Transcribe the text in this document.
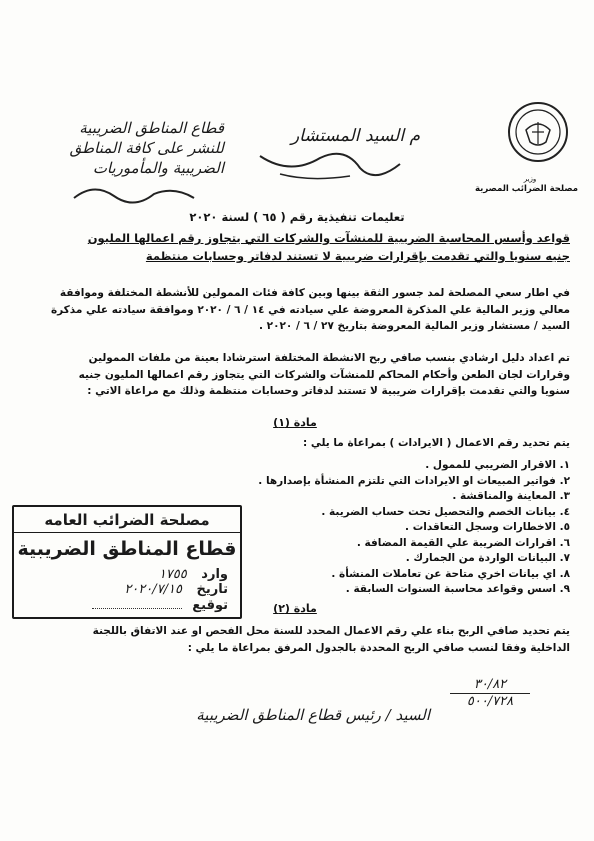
وزير
مصلحة الضرائب المصرية
قطاع المناطق الضريبية
للنشر على كافة المناطق
الضريبية والمأموريات
م السيد المستشار
تعليمات تنفيذية رقم ( ٦٥ ) لسنة ٢٠٢٠
قواعد وأسس المحاسبة الضريبية للمنشآت والشركات التي يتجاوز رقم اعمالها المليون جنيه سنويا والتي تقدمت بإقرارات ضريبية لا تستند لدفاتر وحسابات منتظمة
في اطار سعي المصلحة لمد جسور الثقة بينها وبين كافة فئات الممولين للأنشطة المختلفة وموافقة معالي وزير المالية علي المذكرة المعروضة علي سيادته في ١٤ / ٦ / ٢٠٢٠ وموافقة سيادته علي مذكرة السيد / مستشار وزير المالية المعروضة بتاريخ ٢٧ / ٦ / ٢٠٢٠ .
تم اعداد دليل ارشادي بنسب صافي ربح الانشطة المختلفة استرشادا بعينة من ملفات الممولين وقرارات لجان الطعن وأحكام المحاكم للمنشآت والشركات التي يتجاوز رقم اعمالها المليون جنيه سنويا والتي تقدمت بإقرارات ضريبية لا تستند لدفاتر وحسابات منتظمة وذلك مع مراعاة الاتي :
مادة (١)
يتم تحديد رقم الاعمال ( الايرادات ) بمراعاة ما يلي :
١. الاقرار الضريبي للممول .
٢. فواتير المبيعات او الايرادات التي تلتزم المنشأة بإصدارها .
٣. المعاينة والمناقشة .
٤. بيانات الخصم والتحصيل تحت حساب الضريبة .
٥. الاخطارات وسجل التعاقدات .
٦. اقرارات الضريبة علي القيمة المضافة .
٧. البيانات الواردة من الجمارك .
٨. اي بيانات اخري متاحة عن تعاملات المنشأة .
٩. اسس وقواعد محاسبة السنوات السابقة .
مصلحة الضرائب العامه
قطاع المناطق الضريبية
وارد ١٧٥٥
تاريخ ٢٠٢٠/٧/١٥
توقيع	مادة (٢)
يتم تحديد صافي الربح بناء علي رقم الاعمال المحدد للسنة محل الفحص او عند الاتفاق باللجنة الداخلية وفقا لنسب صافي الربح المحددة بالجدول المرفق بمراعاة ما يلي :
٣٠/٨٢
٥٠٠/٧٢٨
السيد / رئيس قطاع المناطق الضريبية
